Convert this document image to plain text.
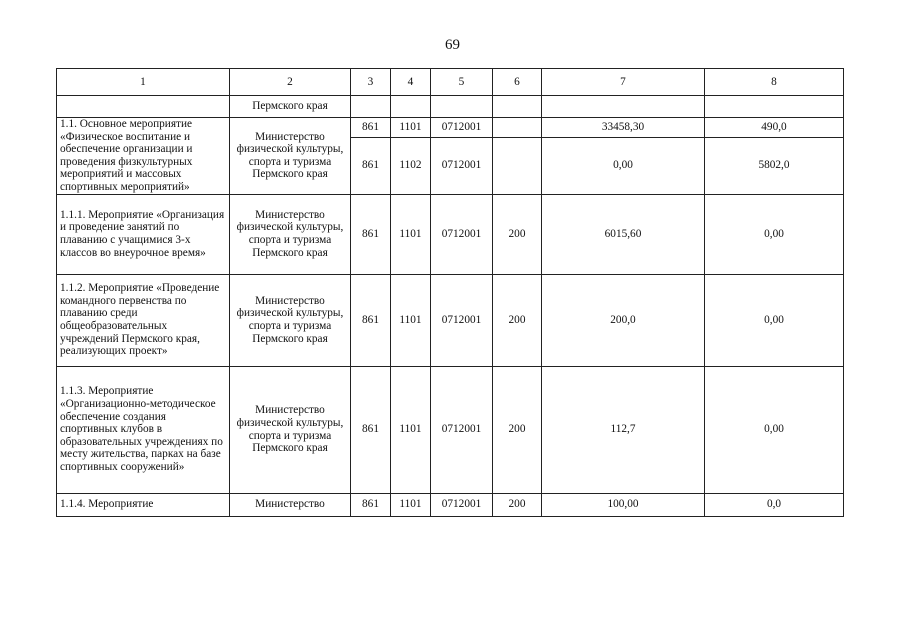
69
1	2	3	4	5	6	7	8
	Пермского края						
1.1. Основное мероприятие «Физическое воспитание и обеспечение организации и проведения физкультурных мероприятий и массовых спортивных мероприятий»	Министерство физической культуры, спорта и туризма Пермского края	861	1101	0712001		33458,30	490,0
		861	1102	0712001		0,00	5802,0
1.1.1. Мероприятие «Организация и проведение занятий по плаванию с учащимися 3-х классов во внеурочное время»	Министерство физической культуры, спорта и туризма Пермского края	861	1101	0712001	200	6015,60	0,00
1.1.2. Мероприятие «Проведение командного первенства по плаванию среди общеобразовательных учреждений Пермского края, реализующих проект»	Министерство физической культуры, спорта и туризма Пермского края	861	1101	0712001	200	200,0	0,00
1.1.3. Мероприятие «Организационно-методическое обеспечение создания спортивных клубов в образовательных учреждениях по месту жительства, парках на базе спортивных сооружений»	Министерство физической культуры, спорта и туризма Пермского края	861	1101	0712001	200	112,7	0,00
1.1.4. Мероприятие	Министерство	861	1101	0712001	200	100,00	0,0
